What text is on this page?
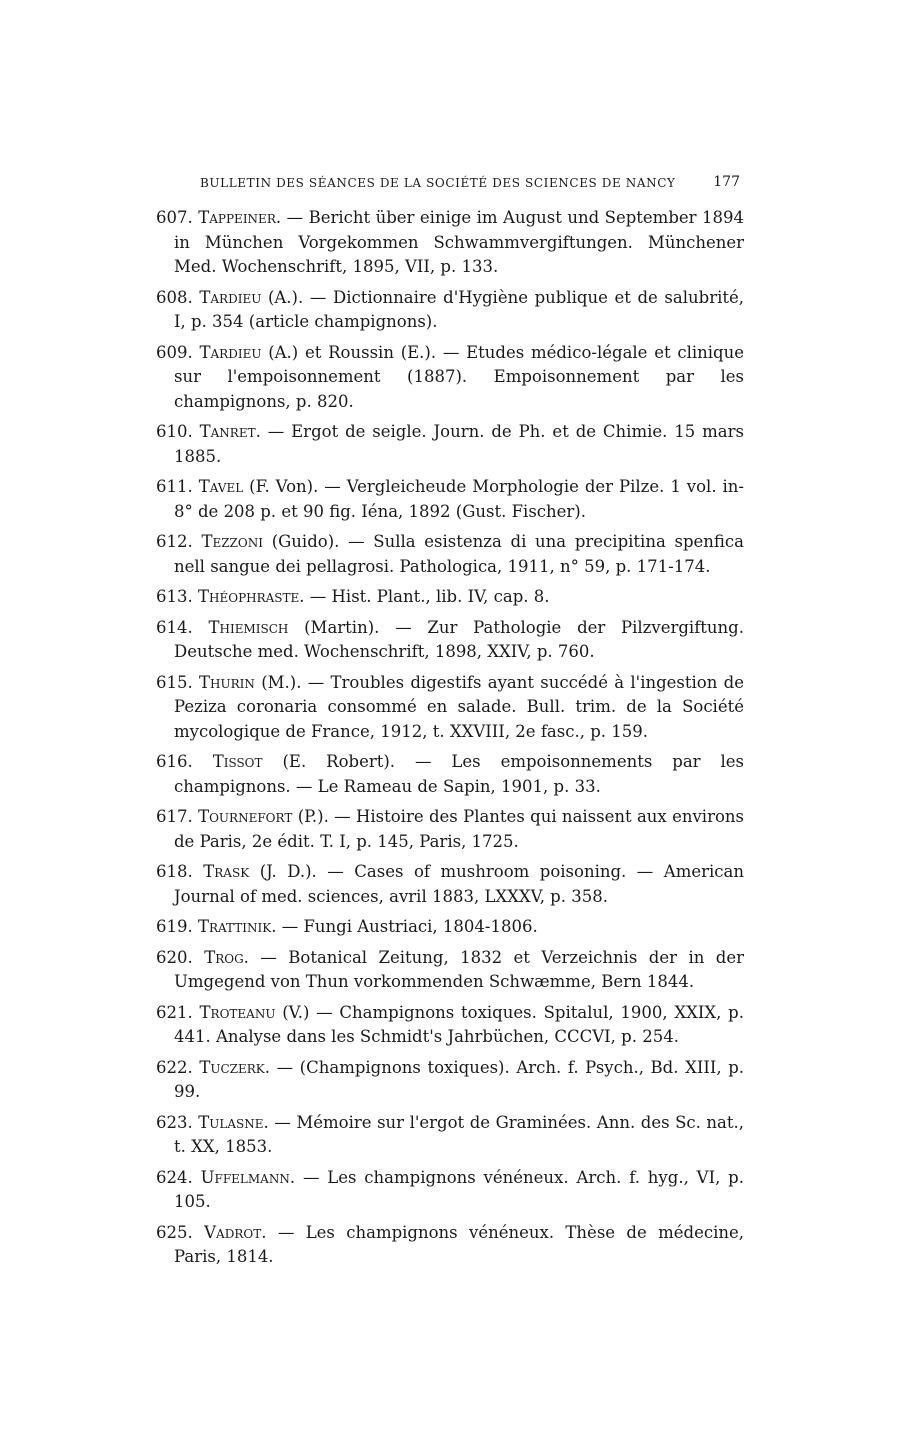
BULLETIN DES SÉANCES DE LA SOCIÉTÉ DES SCIENCES DE NANCY	177
607. Tappeiner. — Bericht über einige im August und September 1894 in München Vorgekommen Schwammvergiftungen. Münchener Med. Wochenschrift, 1895, VII, p. 133.
608. Tardieu (A.). — Dictionnaire d'Hygiène publique et de salubrité, I, p. 354 (article champignons).
609. Tardieu (A.) et Roussin (E.). — Etudes médico-légale et clinique sur l'empoisonnement (1887). Empoisonnement par les champignons, p. 820.
610. Tanret. — Ergot de seigle. Journ. de Ph. et de Chimie. 15 mars 1885.
611. Tavel (F. Von). — Vergleicheude Morphologie der Pilze. 1 vol. in-8° de 208 p. et 90 fig. Iéna, 1892 (Gust. Fischer).
612. Tezzoni (Guido). — Sulla esistenza di una precipitina spenfica nell sangue dei pellagrosi. Pathologica, 1911, n° 59, p. 171-174.
613. Théophraste. — Hist. Plant., lib. IV, cap. 8.
614. Thiemisch (Martin). — Zur Pathologie der Pilzvergiftung. Deutsche med. Wochenschrift, 1898, XXIV, p. 760.
615. Thurin (M.). — Troubles digestifs ayant succédé à l'ingestion de Peziza coronaria consommé en salade. Bull. trim. de la Société mycologique de France, 1912, t. XXVIII, 2e fasc., p. 159.
616. Tissot (E. Robert). — Les empoisonnements par les champignons. — Le Rameau de Sapin, 1901, p. 33.
617. Tournefort (P.). — Histoire des Plantes qui naissent aux environs de Paris, 2e édit. T. I, p. 145, Paris, 1725.
618. Trask (J. D.). — Cases of mushroom poisoning. — American Journal of med. sciences, avril 1883, LXXXV, p. 358.
619. Trattinik. — Fungi Austriaci, 1804-1806.
620. Trog. — Botanical Zeitung, 1832 et Verzeichnis der in der Umgegend von Thun vorkommenden Schwæmme, Bern 1844.
621. Troteanu (V.) — Champignons toxiques. Spitalul, 1900, XXIX, p. 441. Analyse dans les Schmidt's Jahrbüchen, CCCVI, p. 254.
622. Tuczerk. — (Champignons toxiques). Arch. f. Psych., Bd. XIII, p. 99.
623. Tulasne. — Mémoire sur l'ergot de Graminées. Ann. des Sc. nat., t. XX, 1853.
624. Uffelmann. — Les champignons vénéneux. Arch. f. hyg., VI, p. 105.
625. Vadrot. — Les champignons vénéneux. Thèse de médecine, Paris, 1814.
